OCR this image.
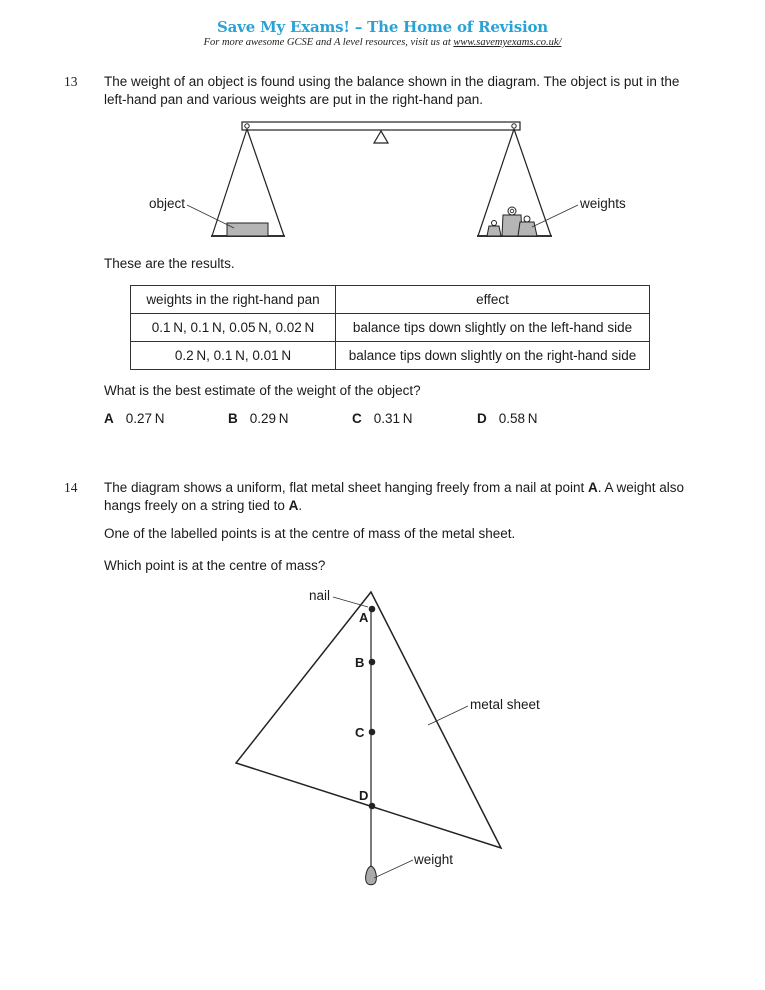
Save My Exams! – The Home of Revision
For more awesome GCSE and A level resources, visit us at www.savemyexams.co.uk/
13 The weight of an object is found using the balance shown in the diagram. The object is put in the
left-hand pan and various weights are put in the right-hand pan.
object	weights
These are the results.
weights in the right-hand pan	effect
0.1 N, 0.1 N, 0.05 N, 0.02 N	balance tips down slightly on the left-hand side
0.2 N, 0.1 N, 0.01 N	balance tips down slightly on the right-hand side
What is the best estimate of the weight of the object?
A 0.27 N	B 0.29 N	C 0.31 N	D 0.58 N
14 The diagram shows a uniform, flat metal sheet hanging freely from a nail at point A. A weight also
hangs freely on a string tied to A.
One of the labelled points is at the centre of mass of the metal sheet.
Which point is at the centre of mass?
A
B
C
D
nail
metal sheet
weight
